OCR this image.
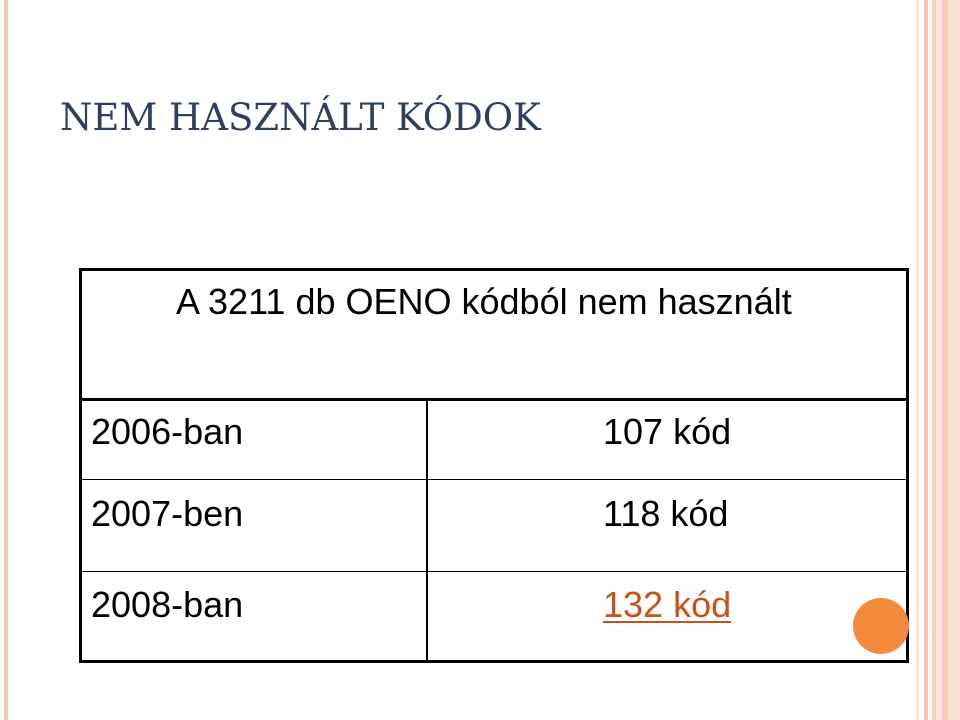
NEM HASZNÁLT KÓDOK
A 3211 db OENO kódból nem használt
2006-ban	107 kód
2007-ben	118 kód
2008-ban	132 kód
